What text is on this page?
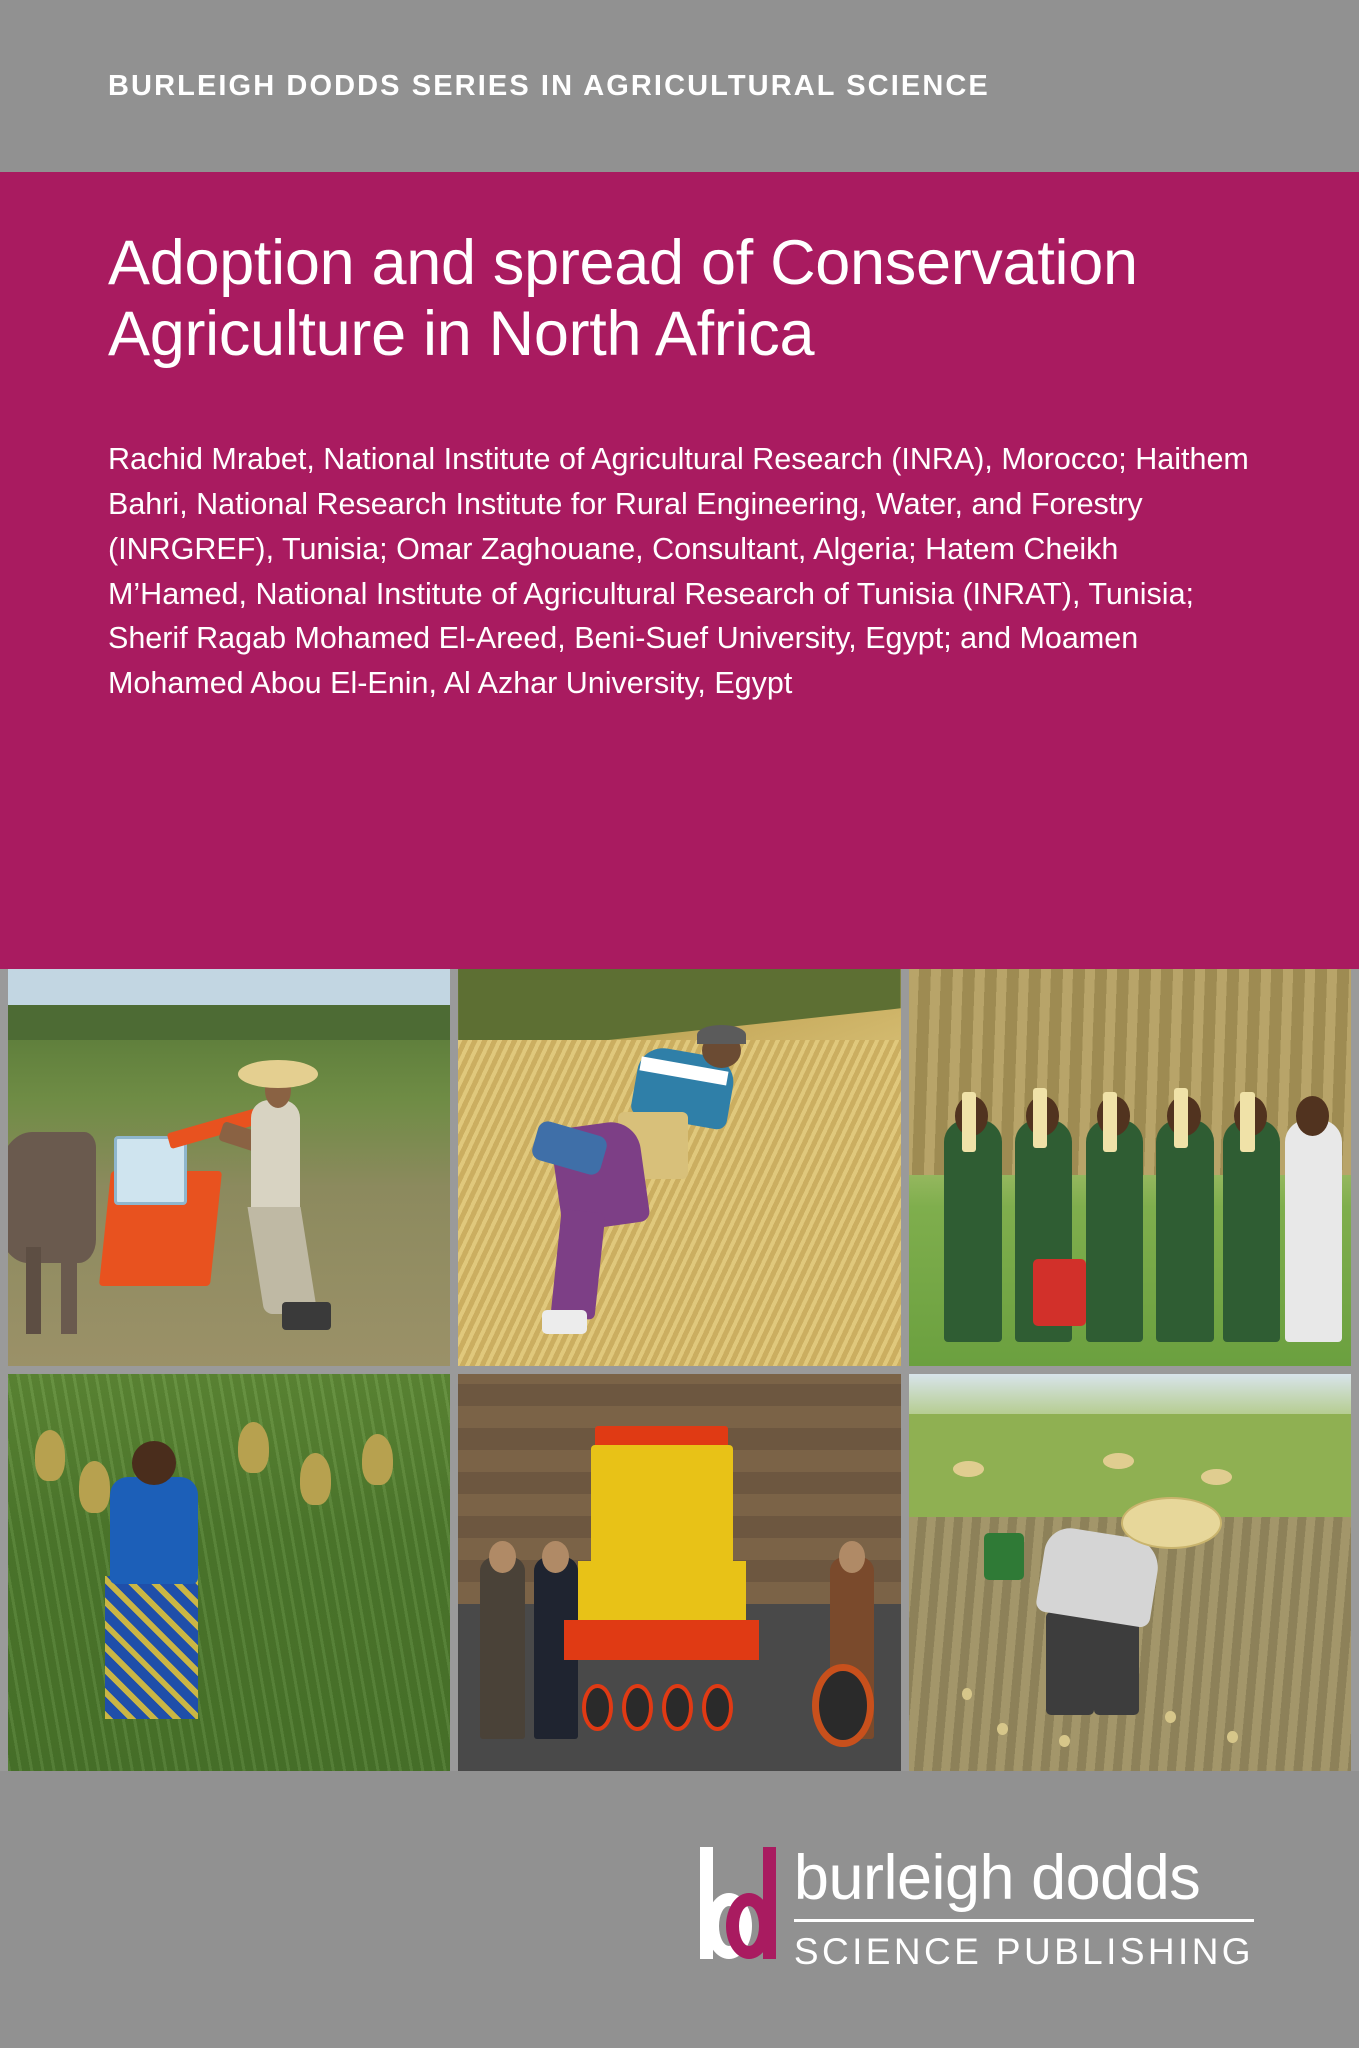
BURLEIGH DODDS SERIES IN AGRICULTURAL SCIENCE
Adoption and spread of Conservation Agriculture in North Africa
Rachid Mrabet, National Institute of Agricultural Research (INRA), Morocco; Haithem Bahri, National Research Institute for Rural Engineering, Water, and Forestry (INRGREF), Tunisia; Omar Zaghouane, Consultant, Algeria; Hatem Cheikh M’Hamed, National Institute of Agricultural Research of Tunisia (INRAT), Tunisia; Sherif Ragab Mohamed El-Areed, Beni-Suef University, Egypt; and Moamen Mohamed Abou El-Enin, Al Azhar University, Egypt
burleigh dodds
SCIENCE PUBLISHING
